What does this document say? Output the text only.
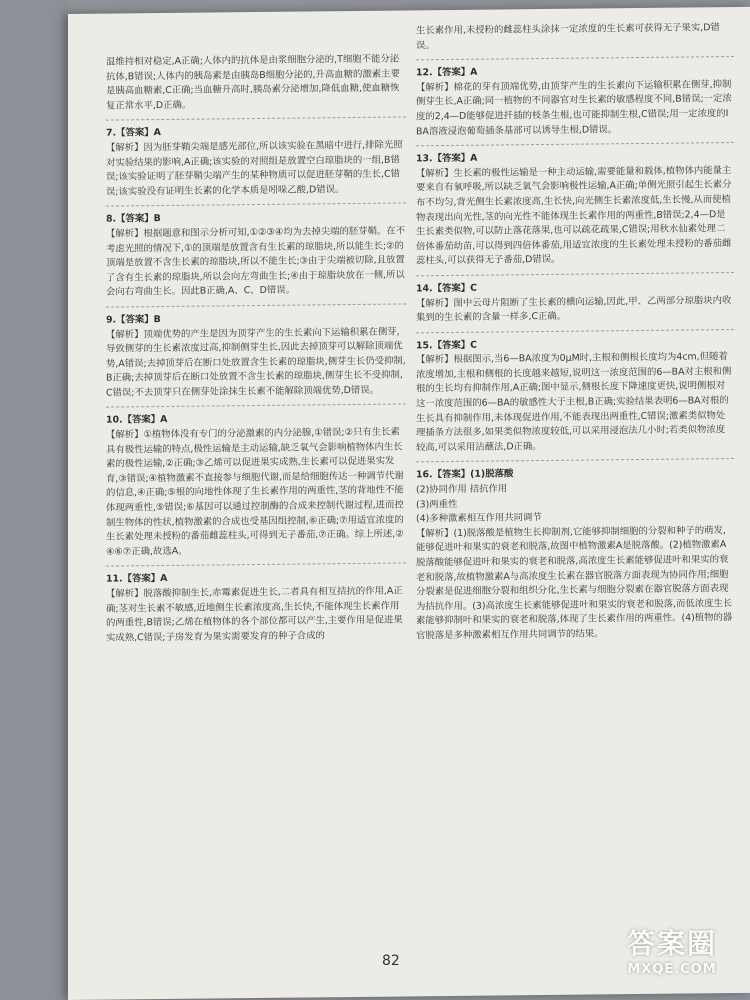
温维持相对稳定,A正确;人体内的抗体是由浆细胞分泌的,T细胞不能分泌抗体,B错误;人体内的胰岛素是由胰岛B细胞分泌的,升高血糖的激素主要是胰高血糖素,C正确;当血糖升高时,胰岛素分泌增加,降低血糖,使血糖恢复正常水平,D正确。
7.【答案】A
【解析】因为胚芽鞘尖端是感光部位,所以该实验在黑暗中进行,排除光照对实验结果的影响,A正确;该实验的对照组是放置空白琼脂块的一组,B错误;该实验证明了胚芽鞘尖端产生的某种物质可以促进胚芽鞘的生长,C错误;该实验没有证明生长素的化学本质是吲哚乙酸,D错误。
8.【答案】B
【解析】根据题意和图示分析可知,①②③④均为去掉尖端的胚芽鞘。在不考虑光照的情况下,①的顶端是放置含有生长素的琼脂块,所以能生长;②的顶端是放置不含生长素的琼脂块,所以不能生长;③由于尖端被切除,且放置了含有生长素的琼脂块,所以会向左弯曲生长;④由于琼脂块放在一侧,所以会向右弯曲生长。因此B正确,A、C、D错误。
9.【答案】B
【解析】顶端优势的产生是因为顶芽产生的生长素向下运输积累在侧芽,导致侧芽的生长素浓度过高,抑制侧芽生长,因此去掉顶芽可以解除顶端优势,A错误;去掉顶芽后在断口处放置含生长素的琼脂块,侧芽生长仍受抑制,B正确;去掉顶芽后在断口处放置不含生长素的琼脂块,侧芽生长不受抑制,C错误;不去顶芽只在侧芽处涂抹生长素不能解除顶端优势,D错误。
10.【答案】A
【解析】①植物体没有专门的分泌激素的内分泌腺,①错误;②只有生长素具有极性运输的特点,极性运输是主动运输,缺乏氧气会影响植物体内生长素的极性运输,②正确;③乙烯可以促进果实成熟,生长素可以促进果实发育,③错误;④植物激素不直接参与细胞代谢,而是给细胞传达一种调节代谢的信息,④正确;⑤根的向地性体现了生长素作用的两重性,茎的背地性不能体现两重性,⑤错误;⑥基因可以通过控制酶的合成来控制代谢过程,进而控制生物体的性状,植物激素的合成也受基因组控制,⑥正确;⑦用适宜浓度的生长素处理未授粉的番茄雌蕊柱头,可得到无子番茄,⑦正确。综上所述,②④⑥⑦正确,故选A。
11.【答案】A
【解析】脱落酸抑制生长,赤霉素促进生长,二者具有相互拮抗的作用,A正确;茎对生长素不敏感,近地侧生长素浓度高,生长快,不能体现生长素作用的两重性,B错误;乙烯在植物体的各个部位都可以产生,主要作用是促进果实成熟,C错误;子房发育为果实需要发育的种子合成的
生长素作用,未授粉的雌蕊柱头涂抹一定浓度的生长素可获得无子果实,D错误。
12.【答案】A
【解析】棉花的芽有顶端优势,由顶芽产生的生长素向下运输积累在侧芽,抑制侧芽生长,A正确;同一植物的不同器官对生长素的敏感程度不同,B错误;一定浓度的2,4—D能够促进扦插的枝条生根,也可能抑制生根,C错误;用一定浓度的IBA溶液浸泡葡萄插条基部可以诱导生根,D错误。
13.【答案】A
【解析】生长素的极性运输是一种主动运输,需要能量和载体,植物体内能量主要来自有氧呼吸,所以缺乏氧气会影响极性运输,A正确;单侧光照引起生长素分布不均匀,背光侧生长素浓度高,生长快,向光侧生长素浓度低,生长慢,从而使植物表现出向光性,茎的向光性不能体现生长素作用的两重性,B错误;2,4—D是生长素类似物,可以防止落花落果,也可以疏花疏果,C错误;用秋水仙素处理二倍体番茄幼苗,可以得到四倍体番茄,用适宜浓度的生长素处理未授粉的番茄雌蕊柱头,可以获得无子番茄,D错误。
14.【答案】C
【解析】图中云母片阻断了生长素的横向运输,因此,甲、乙两部分琼脂块内收集到的生长素的含量一样多,C正确。
15.【答案】C
【解析】根据图示,当6—BA浓度为0μM时,主根和侧根长度均为4cm,但随着浓度增加,主根和侧根的长度越来越短,说明这一浓度范围的6—BA对主根和侧根的生长均有抑制作用,A正确;图中显示,侧根长度下降速度更快,说明侧根对这一浓度范围的6—BA的敏感性大于主根,B正确;实验结果表明6—BA对根的生长具有抑制作用,未体现促进作用,不能表现出两重性,C错误;激素类似物处理插条方法很多,如果类似物浓度较低,可以采用浸泡法几小时;若类似物浓度较高,可以采用沾蘸法,D正确。
16.【答案】(1)脱落酸
(2)协同作用 拮抗作用
(3)两重性
(4)多种激素相互作用共同调节
【解析】(1)脱落酸是植物生长抑制剂,它能够抑制细胞的分裂和种子的萌发,能够促进叶和果实的衰老和脱落,故图中植物激素A是脱落酸。(2)植物激素A脱落酸能够促进叶和果实的衰老和脱落,高浓度生长素能够促进叶和果实的衰老和脱落,故植物激素A与高浓度生长素在器官脱落方面表现为协同作用;细胞分裂素是促进细胞分裂和组织分化,生长素与细胞分裂素在器官脱落方面表现为拮抗作用。(3)高浓度生长素能够促进叶和果实的衰老和脱落,而低浓度生长素能够抑制叶和果实的衰老和脱落,体现了生长素作用的两重性。(4)植物的器官脱落是多种激素相互作用共同调节的结果。
82
答案圈
MXQE.COM
